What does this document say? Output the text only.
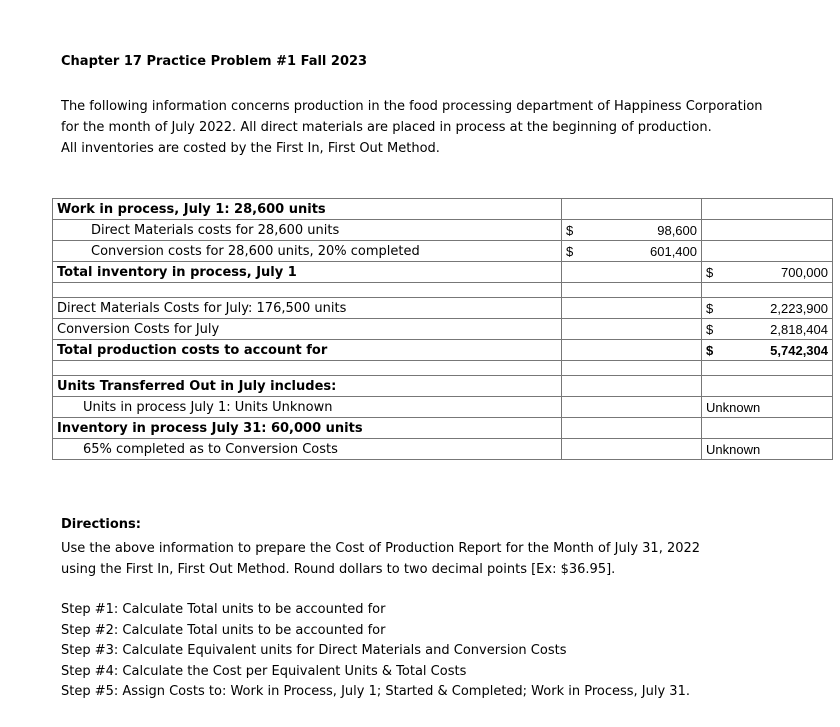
Chapter 17 Practice Problem #1 Fall 2023
The following information concerns production in the food processing department of Happiness Corporation
for the month of July 2022. All direct materials are placed in process at the beginning of production.
All inventories are costed by the First In, First Out Method.
Work in process, July 1: 28,600 units		
Direct Materials costs for 28,600 units	$ 98,600	

Conversion costs for 28,600 units, 20% completed	$ 601,400	

Total inventory in process, July 1		$ 700,000

Direct Materials Costs for July: 176,500 units		$ 2,223,900

Conversion Costs for July		$ 2,818,404

Total production costs to account for		$ 5,742,304

Units Transferred Out in July includes:		
Units in process July 1: Units Unknown		Unknown
Inventory in process July 31: 60,000 units		
65% completed as to Conversion Costs		Unknown
Directions:
Use the above information to prepare the Cost of Production Report for the Month of July 31, 2022
using the First In, First Out Method. Round dollars to two decimal points [Ex: $36.95].
Step #1: Calculate Total units to be accounted for
Step #2: Calculate Total units to be accounted for
Step #3: Calculate Equivalent units for Direct Materials and Conversion Costs
Step #4: Calculate the Cost per Equivalent Units & Total Costs
Step #5: Assign Costs to: Work in Process, July 1; Started & Completed; Work in Process, July 31.
